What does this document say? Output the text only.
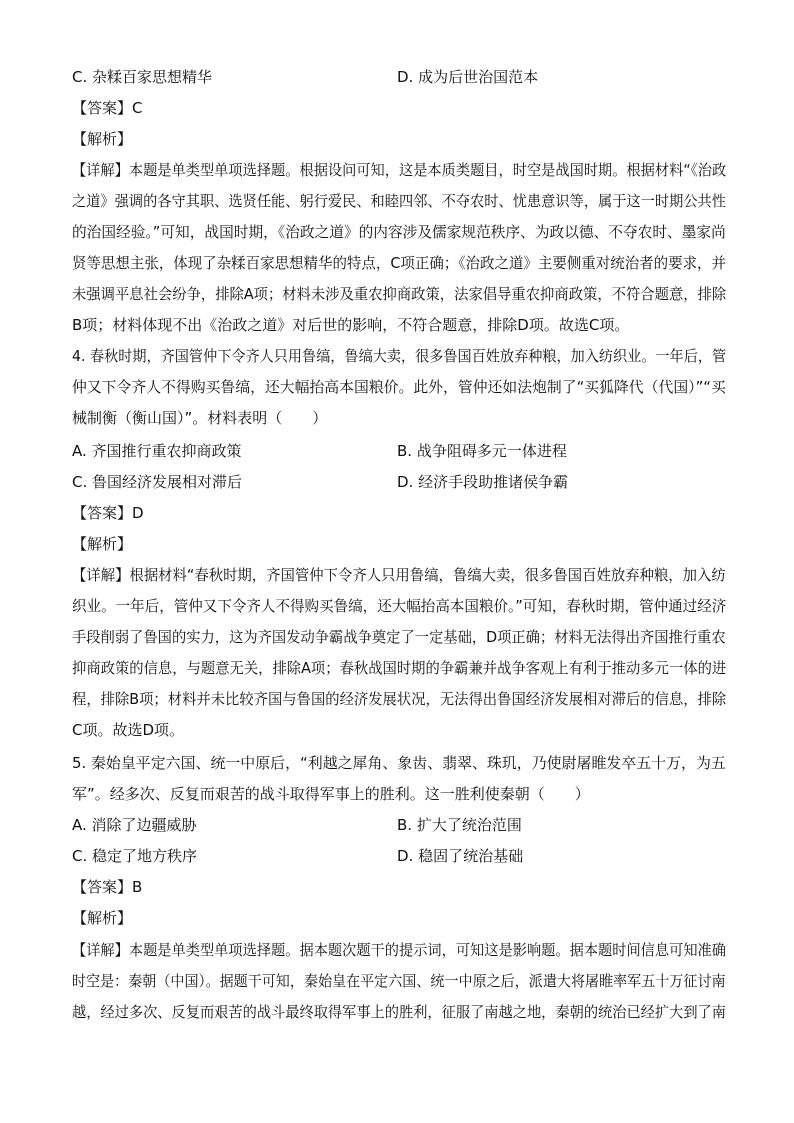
C. 杂糅百家思想精华	D. 成为后世治国范本
【答案】C
【解析】
【详解】本题是单类型单项选择题。根据设问可知，这是本质类题目，时空是战国时期。根据材料“《治政
之道》强调的各守其职、选贤任能、躬行爱民、和睦四邻、不夺农时、忧患意识等，属于这一时期公共性
的治国经验。”可知，战国时期，《治政之道》的内容涉及儒家规范秩序、为政以德、不夺农时、墨家尚
贤等思想主张，体现了杂糅百家思想精华的特点，C项正确；《治政之道》主要侧重对统治者的要求，并
未强调平息社会纷争，排除A项；材料未涉及重农抑商政策，法家倡导重农抑商政策，不符合题意，排除
B项；材料体现不出《治政之道》对后世的影响，不符合题意，排除D项。故选C项。
4. 春秋时期，齐国管仲下令齐人只用鲁缟，鲁缟大卖，很多鲁国百姓放弃种粮，加入纺织业。一年后，管
仲又下令齐人不得购买鲁缟，还大幅抬高本国粮价。此外，管仲还如法炮制了“买狐降代（代国）”“买
械制衡（衡山国）”。材料表明（　　）
A. 齐国推行重农抑商政策	B. 战争阻碍多元一体进程
C. 鲁国经济发展相对滞后	D. 经济手段助推诸侯争霸
【答案】D
【解析】
【详解】根据材料“春秋时期，齐国管仲下令齐人只用鲁缟，鲁缟大卖，很多鲁国百姓放弃种粮，加入纺
织业。一年后，管仲又下令齐人不得购买鲁缟，还大幅抬高本国粮价。”可知，春秋时期，管仲通过经济
手段削弱了鲁国的实力，这为齐国发动争霸战争奠定了一定基础，D项正确；材料无法得出齐国推行重农
抑商政策的信息，与题意无关，排除A项；春秋战国时期的争霸兼并战争客观上有利于推动多元一体的进
程，排除B项；材料并未比较齐国与鲁国的经济发展状况，无法得出鲁国经济发展相对滞后的信息，排除
C项。故选D项。
5. 秦始皇平定六国、统一中原后，“利越之犀角、象齿、翡翠、珠玑，乃使尉屠睢发卒五十万，为五
军”。经多次、反复而艰苦的战斗取得军事上的胜利。这一胜利使秦朝（　　）
A. 消除了边疆威胁	B. 扩大了统治范围
C. 稳定了地方秩序	D. 稳固了统治基础
【答案】B
【解析】
【详解】本题是单类型单项选择题。据本题次题干的提示词，可知这是影响题。据本题时间信息可知准确
时空是：秦朝（中国）。据题干可知，秦始皇在平定六国、统一中原之后，派遣大将屠睢率军五十万征讨南
越，经过多次、反复而艰苦的战斗最终取得军事上的胜利，征服了南越之地，秦朝的统治已经扩大到了南
